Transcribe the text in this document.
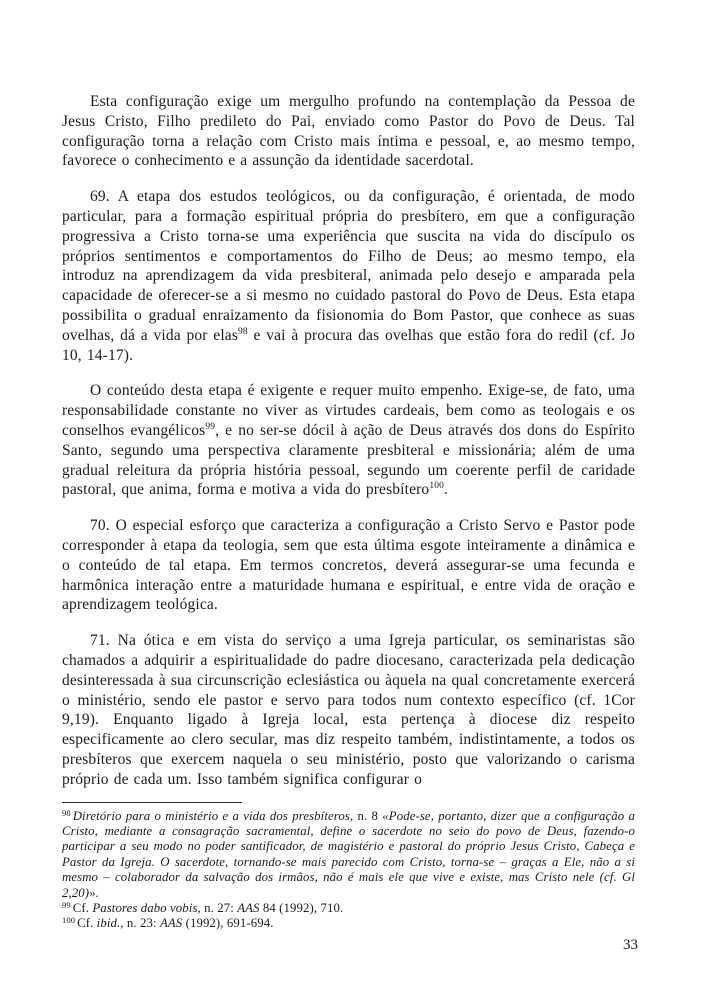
Esta configuração exige um mergulho profundo na contemplação da Pessoa de Jesus Cristo, Filho predileto do Pai, enviado como Pastor do Povo de Deus. Tal configuração torna a relação com Cristo mais íntima e pessoal, e, ao mesmo tempo, favorece o conhecimento e a assunção da identidade sacerdotal.

69. A etapa dos estudos teológicos, ou da configuração, é orientada, de modo particular, para a formação espiritual própria do presbítero, em que a configuração progressiva a Cristo torna-se uma experiência que suscita na vida do discípulo os próprios sentimentos e comportamentos do Filho de Deus; ao mesmo tempo, ela introduz na aprendizagem da vida presbiteral, animada pelo desejo e amparada pela capacidade de oferecer-se a si mesmo no cuidado pastoral do Povo de Deus. Esta etapa possibilita o gradual enraizamento da fisionomia do Bom Pastor, que conhece as suas ovelhas, dá a vida por elas$^{98}$ e vai à procura das ovelhas que estão fora do redil (cf. Jo 10, 14-17).

O conteúdo desta etapa é exigente e requer muito empenho. Exige-se, de fato, uma responsabilidade constante no viver as virtudes cardeais, bem como as teologais e os conselhos evangélicos$^{99}$, e no ser-se dócil à ação de Deus através dos dons do Espírito Santo, segundo uma perspectiva claramente presbiteral e missionária; além de uma gradual releitura da própria história pessoal, segundo um coerente perfil de caridade pastoral, que anima, forma e motiva a vida do presbítero$^{100}$.

70. O especial esforço que caracteriza a configuração a Cristo Servo e Pastor pode corresponder à etapa da teologia, sem que esta última esgote inteiramente a dinâmica e o conteúdo de tal etapa. Em termos concretos, deverá assegurar-se uma fecunda e harmônica interação entre a maturidade humana e espiritual, e entre vida de oração e aprendizagem teológica.

71. Na ótica e em vista do serviço a uma Igreja particular, os seminaristas são chamados a adquirir a espiritualidade do padre diocesano, caracterizada pela dedicação desinteressada à sua circunscrição eclesiástica ou àquela na qual concretamente exercerá o ministério, sendo ele pastor e servo para todos num contexto específico (cf. 1Cor 9,19). Enquanto ligado à Igreja local, esta pertença à diocese diz respeito especificamente ao clero secular, mas diz respeito também, indistintamente, a todos os presbíteros que exercem naquela o seu ministério, posto que valorizando o carisma próprio de cada um. Isso também significa configurar o

$^{98}$ Diretório para o ministério e a vida dos presbíteros, n. 8 «Pode-se, portanto, dizer que a configuração a Cristo, mediante a consagração sacramental, define o sacerdote no seio do povo de Deus, fazendo-o participar a seu modo no poder santificador, de magistério e pastoral do próprio Jesus Cristo, Cabeça e Pastor da Igreja. O sacerdote, tornando-se mais parecido com Cristo, torna-se – graças a Ele, não a si mesmo – colaborador da salvação dos irmãos, não é mais ele que vive e existe, mas Cristo nele (cf. Gl 2,20)».
$^{99}$ Cf. Pastores dabo vobis, n. 27: AAS 84 (1992), 710.
$^{100}$ Cf. ibid., n. 23: AAS (1992), 691-694.
33
